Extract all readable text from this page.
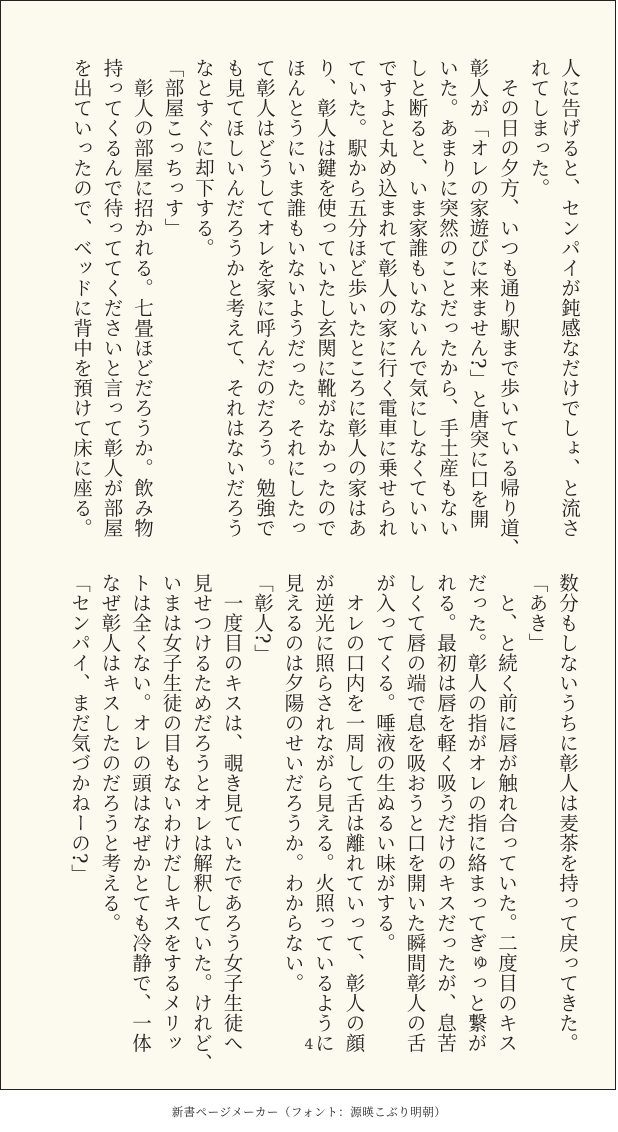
人に告げると、センパイが鈍感なだけでしょ、と流さ
れてしまった。
　その日の夕方、いつも通り駅まで歩いている帰り道、
彰人が「オレの家遊びに来ません?」と唐突に口を開
いた。あまりに突然のことだったから、手土産もない
しと断ると、いま家誰もいないんで気にしなくていい
ですよと丸め込まれて彰人の家に行く電車に乗せられ
ていた。駅から五分ほど歩いたところに彰人の家はあ
り、彰人は鍵を使っていたし玄関に靴がなかったので
ほんとうにいま誰もいないようだった。それにしたっ
て彰人はどうしてオレを家に呼んだのだろう。勉強で
も見てほしいんだろうかと考えて、それはないだろう
なとすぐに却下する。
「部屋こっちっす」
　彰人の部屋に招かれる。七畳ほどだろうか。飲み物
持ってくるんで待っててくださいと言って彰人が部屋
を出ていったので、ベッドに背中を預けて床に座る。
数分もしないうちに彰人は麦茶を持って戻ってきた。
「あき」
　と、と続く前に唇が触れ合っていた。二度目のキス
だった。彰人の指がオレの指に絡まってぎゅっと繋が
れる。最初は唇を軽く吸うだけのキスだったが、息苦
しくて唇の端で息を吸おうと口を開いた瞬間彰人の舌
が入ってくる。唾液の生ぬるい味がする。
　オレの口内を一周して舌は離れていって、彰人の顔
が逆光に照らされながら見える。火照っているように
見えるのは夕陽のせいだろうか。わからない。
「彰人?」
　一度目のキスは、覗き見ていたであろう女子生徒へ
見せつけるためだろうとオレは解釈していた。けれど、
いまは女子生徒の目もないわけだしキスをするメリッ
トは全くない。オレの頭はなぜかとても冷静で、一体
なぜ彰人はキスしたのだろうと考える。
「センパイ、まだ気づかねーの?」
4
新書ページメーカー（フォント：源暎こぶり明朝）
